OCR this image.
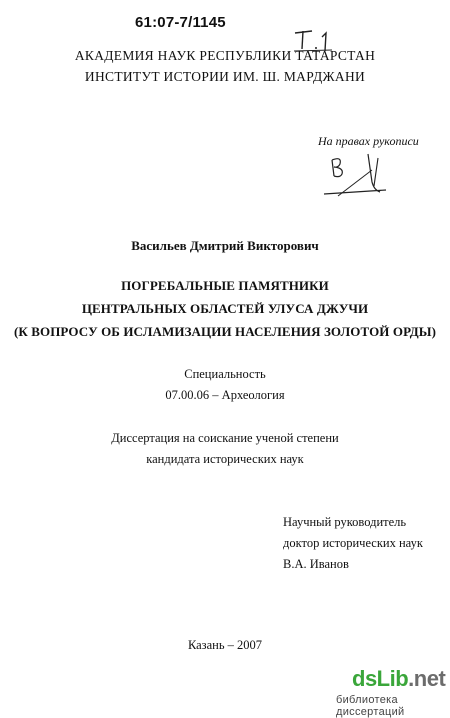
61:07-7/1145
АКАДЕМИЯ НАУК РЕСПУБЛИКИ ТАТАРСТАН
ИНСТИТУТ ИСТОРИИ ИМ. Ш. МАРДЖАНИ
На правах рукописи
Васильев Дмитрий Викторович
ПОГРЕБАЛЬНЫЕ ПАМЯТНИКИ
ЦЕНТРАЛЬНЫХ ОБЛАСТЕЙ УЛУСА ДЖУЧИ
(К ВОПРОСУ ОБ ИСЛАМИЗАЦИИ НАСЕЛЕНИЯ ЗОЛОТОЙ ОРДЫ)
Специальность
07.00.06 – Археология
Диссертация на соискание ученой степени
кандидата исторических наук
Научный руководитель
доктор исторических наук
В.А. Иванов
Казань – 2007
dsLib.net
библиотека диссертаций
